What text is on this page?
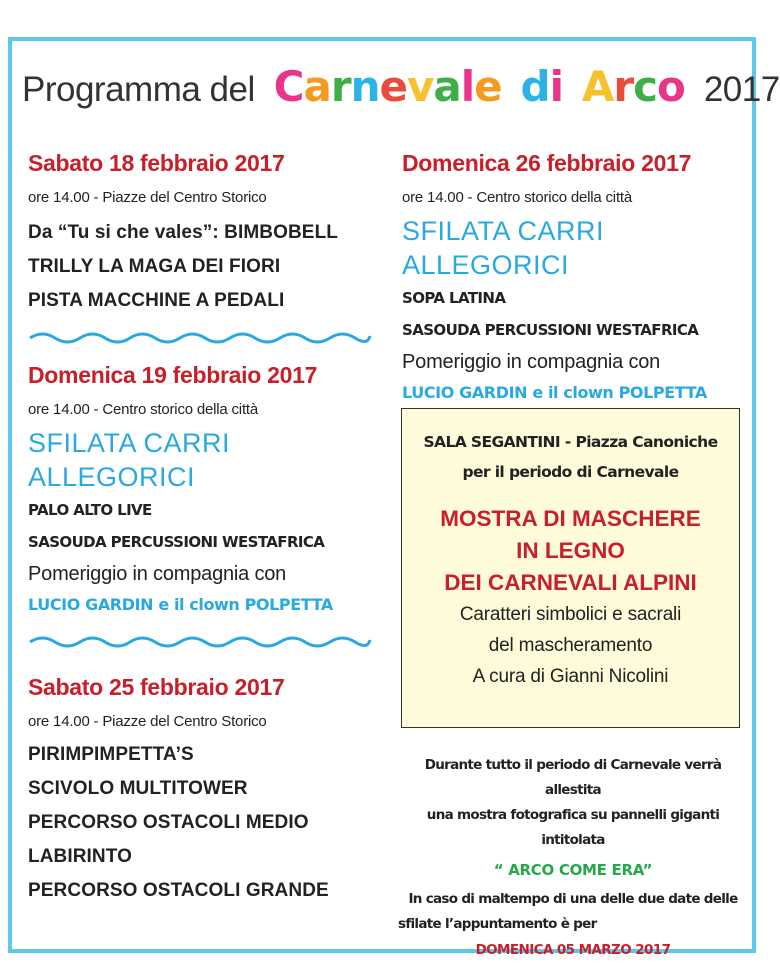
Programma del Carnevale di Arco 2017
Sabato 18 febbraio 2017
ore 14.00 - Piazze del Centro Storico
Da “Tu si che vales”: BIMBOBELL
TRILLY LA MAGA DEI FIORI
PISTA MACCHINE A PEDALI
Domenica 19 febbraio 2017
ore 14.00 - Centro storico della città
SFILATA CARRI ALLEGORICI
PALO ALTO LIVE
SASOUDA PERCUSSIONI WESTAFRICA
Pomeriggio in compagnia con
LUCIO GARDIN e il clown POLPETTA
Sabato 25 febbraio 2017
ore 14.00 - Piazze del Centro Storico
PIRIMPIMPETTA’S
SCIVOLO MULTITOWER
PERCORSO OSTACOLI MEDIO
LABIRINTO
PERCORSO OSTACOLI GRANDE
Domenica 26 febbraio 2017
ore 14.00 - Centro storico della città
SFILATA CARRI ALLEGORICI
SOPA LATINA
SASOUDA PERCUSSIONI WESTAFRICA
Pomeriggio in compagnia con
LUCIO GARDIN e il clown POLPETTA
SALA SEGANTINI - Piazza Canoniche
per il periodo di Carnevale
MOSTRA DI MASCHERE
IN LEGNO
DEI CARNEVALI ALPINI
Caratteri simbolici e sacrali
del mascheramento
A cura di Gianni Nicolini
Durante tutto il periodo di Carnevale verrà allestita
una mostra fotografica su pannelli giganti intitolata
“ ARCO COME ERA”
In caso di maltempo di una delle due date delle
sfilate l’appuntamento è per
DOMENICA 05 MARZO 2017
